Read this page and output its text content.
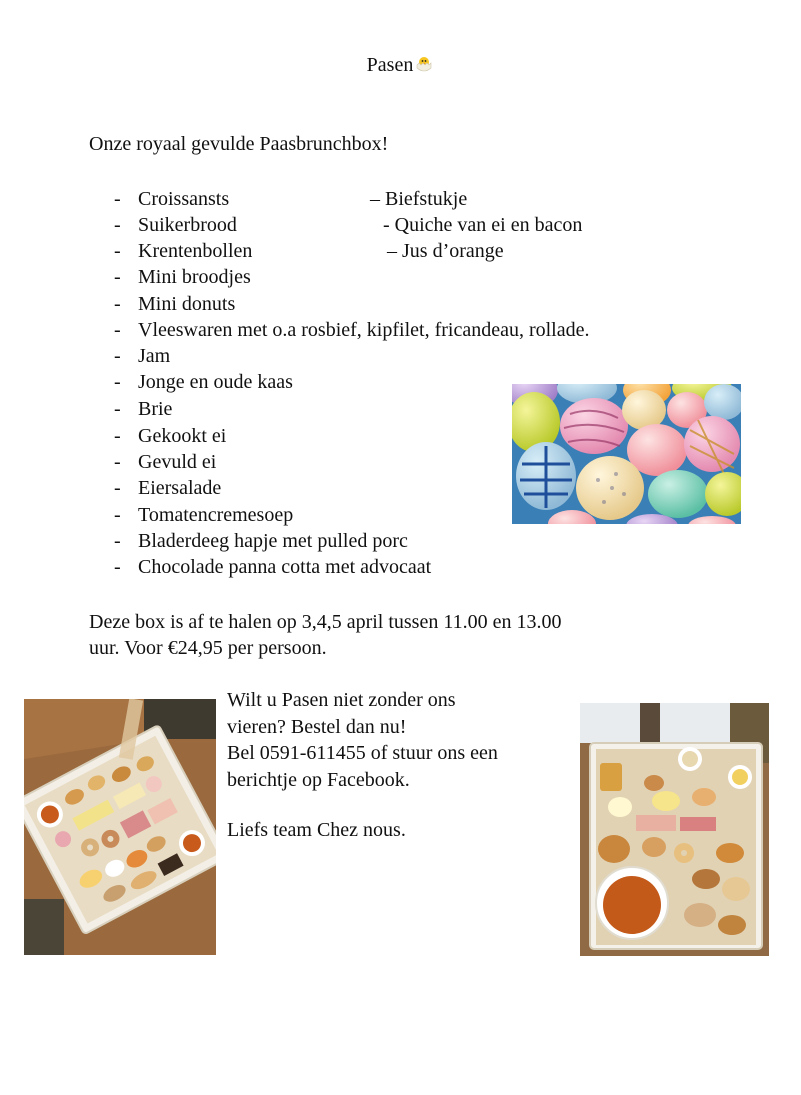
Pasen
Onze royaal gevulde Paasbrunchbox!
- Croissansts
- Suikerbrood
- Krentenbollen
- Mini broodjes
- Mini donuts
- Vleeswaren met o.a rosbief, kipfilet, fricandeau, rollade.
- Jam
- Jonge en oude kaas
- Brie
- Gekookt ei
- Gevuld ei
- Eiersalade
- Tomatencremesoep
- Bladerdeeg hapje met pulled porc
- Chocolade panna cotta met advocaat
– Biefstukje
- Quiche van ei en bacon
– Jus d’orange
Deze box is af te halen op 3,4,5 april tussen 11.00 en 13.00
uur. Voor €24,95 per persoon.
Wilt u Pasen niet zonder ons
vieren? Bestel dan nu!
Bel 0591-611455 of stuur ons een
berichtje op Facebook.
Liefs team Chez nous.
